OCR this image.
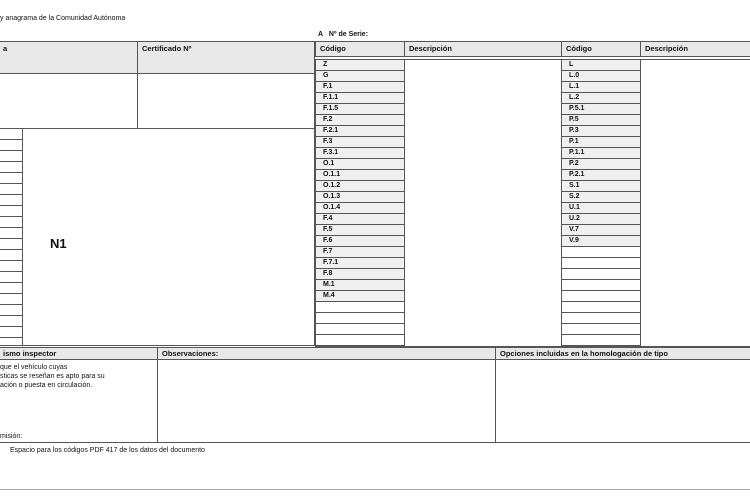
y anagrama de la Comunidad Autónoma
A Nº de Serie:
a	Certificado Nº
N1
Código	Descripción
Z
G
F.1
F.1.1
F.1.5
F.2
F.2.1
F.3
F.3.1
O.1
O.1.1
O.1.2
O.1.3
O.1.4
F.4
F.5
F.6
F.7
F.7.1
F.8
M.1
M.4
Código	Descripción
L
L.0
L.1
L.2
P.5.1
P.5
P.3
P.1
P.1.1
P.2
P.2.1
S.1
S.2
U.1
U.2
V.7
V.9
ismo inspector	Observaciones:	Opciones incluidas en la homologación de tipo
que el vehículo cuyas
sticas se reseñan es apto para su
ación o puesta en circulación.
misión:
Espacio para los códigos PDF 417 de los datos del documento
